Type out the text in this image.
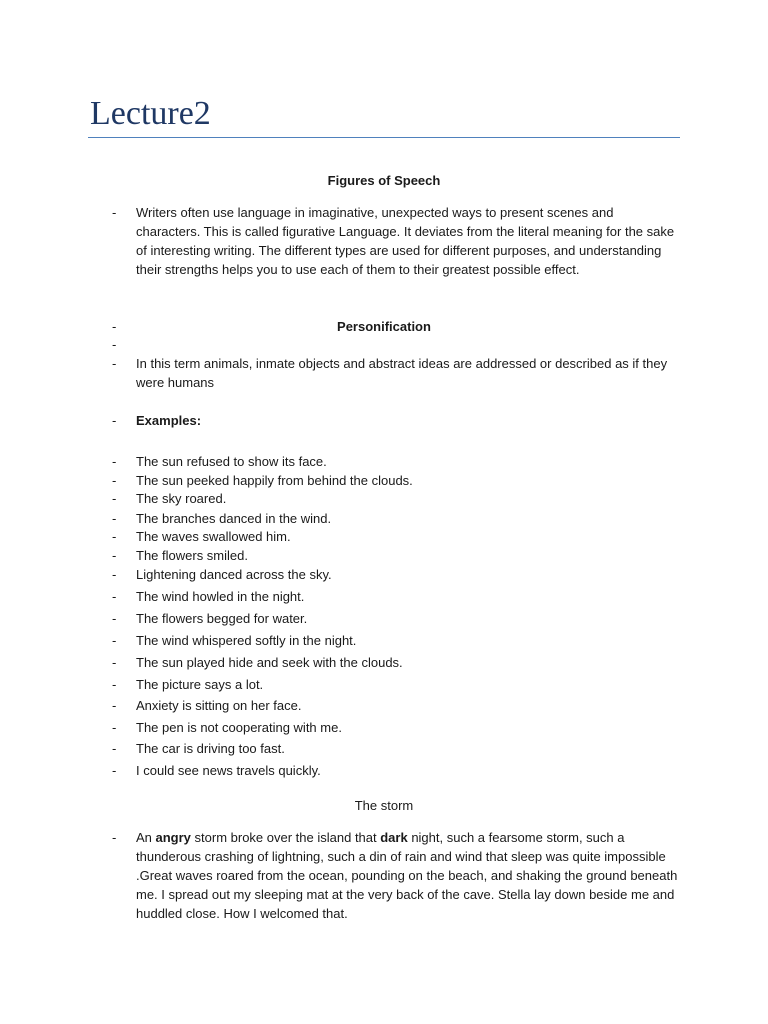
Lecture2
Figures of Speech
- Writers often use language in imaginative, unexpected ways to present scenes and characters. This is called figurative Language. It deviates from the literal meaning for the sake of interesting writing. The different types are used for different purposes, and understanding their strengths helps you to use each of them to their greatest possible effect.
-	Personification
-
- In this term animals, inmate objects and abstract ideas are addressed or described as if they were humans
- Examples:
- The sun refused to show its face.
- The sun peeked happily from behind the clouds.
- The sky roared.
- The branches danced in the wind.
- The waves swallowed him.
- The flowers smiled.
- Lightening danced across the sky.
- The wind howled in the night.
- The flowers begged for water.
- The wind whispered softly in the night.
- The sun played hide and seek with the clouds.
- The picture says a lot.
- Anxiety is sitting on her face.
- The pen is not cooperating with me.
- The car is driving too fast.
- I could see news travels quickly.
The storm
- An angry storm broke over the island that dark night, such a fearsome storm, such a thunderous crashing of lightning, such a din of rain and wind that sleep was quite impossible .Great waves roared from the ocean, pounding on the beach, and shaking the ground beneath me. I spread out my sleeping mat at the very back of the cave. Stella lay down beside me and huddled close. How I welcomed that.
